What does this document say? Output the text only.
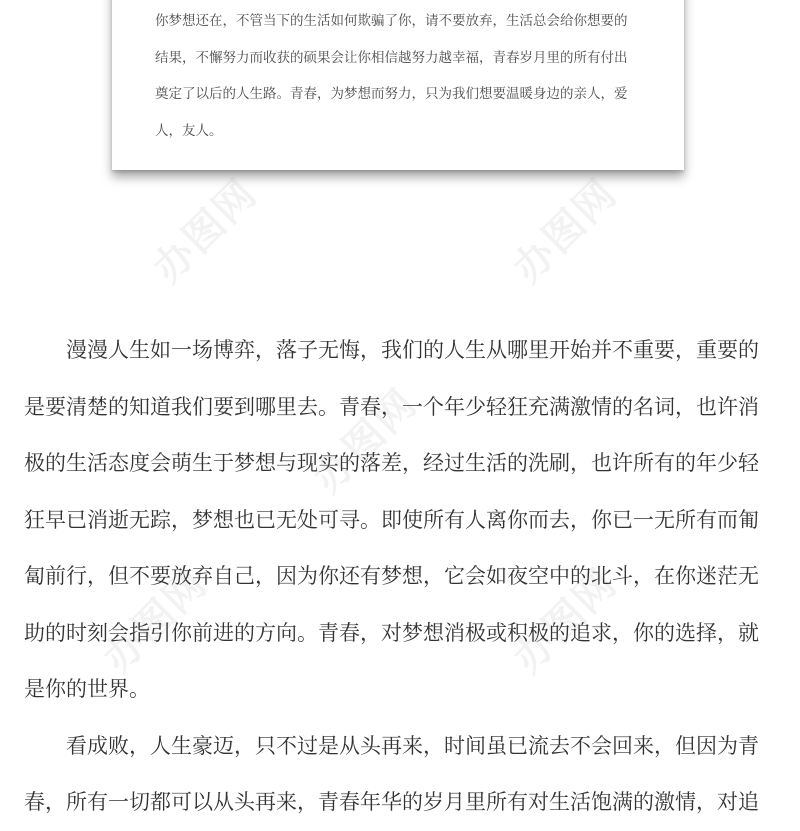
你梦想还在，不管当下的生活如何欺骗了你，请不要放弃，生活总会给你想要的
结果，不懈努力而收获的硕果会让你相信越努力越幸福，青春岁月里的所有付出
奠定了以后的人生路。青春，为梦想而努力，只为我们想要温暖身边的亲人，爱
人，友人。
办图网	办图网
办图网
办图网	办图网

　　漫漫人生如一场博弈，落子无悔，我们的人生从哪里开始并不重要，重要的
是要清楚的知道我们要到哪里去。青春，一个年少轻狂充满激情的名词，也许消
极的生活态度会萌生于梦想与现实的落差，经过生活的洗刷，也许所有的年少轻
狂早已消逝无踪，梦想也已无处可寻。即使所有人离你而去，你已一无所有而匍
匐前行，但不要放弃自己，因为你还有梦想，它会如夜空中的北斗，在你迷茫无
助的时刻会指引你前进的方向。青春，对梦想消极或积极的追求，你的选择，就
是你的世界。

　　看成败，人生豪迈，只不过是从头再来，时间虽已流去不会回来，但因为青
春，所有一切都可以从头再来，青春年华的岁月里所有对生活饱满的激情，对追
